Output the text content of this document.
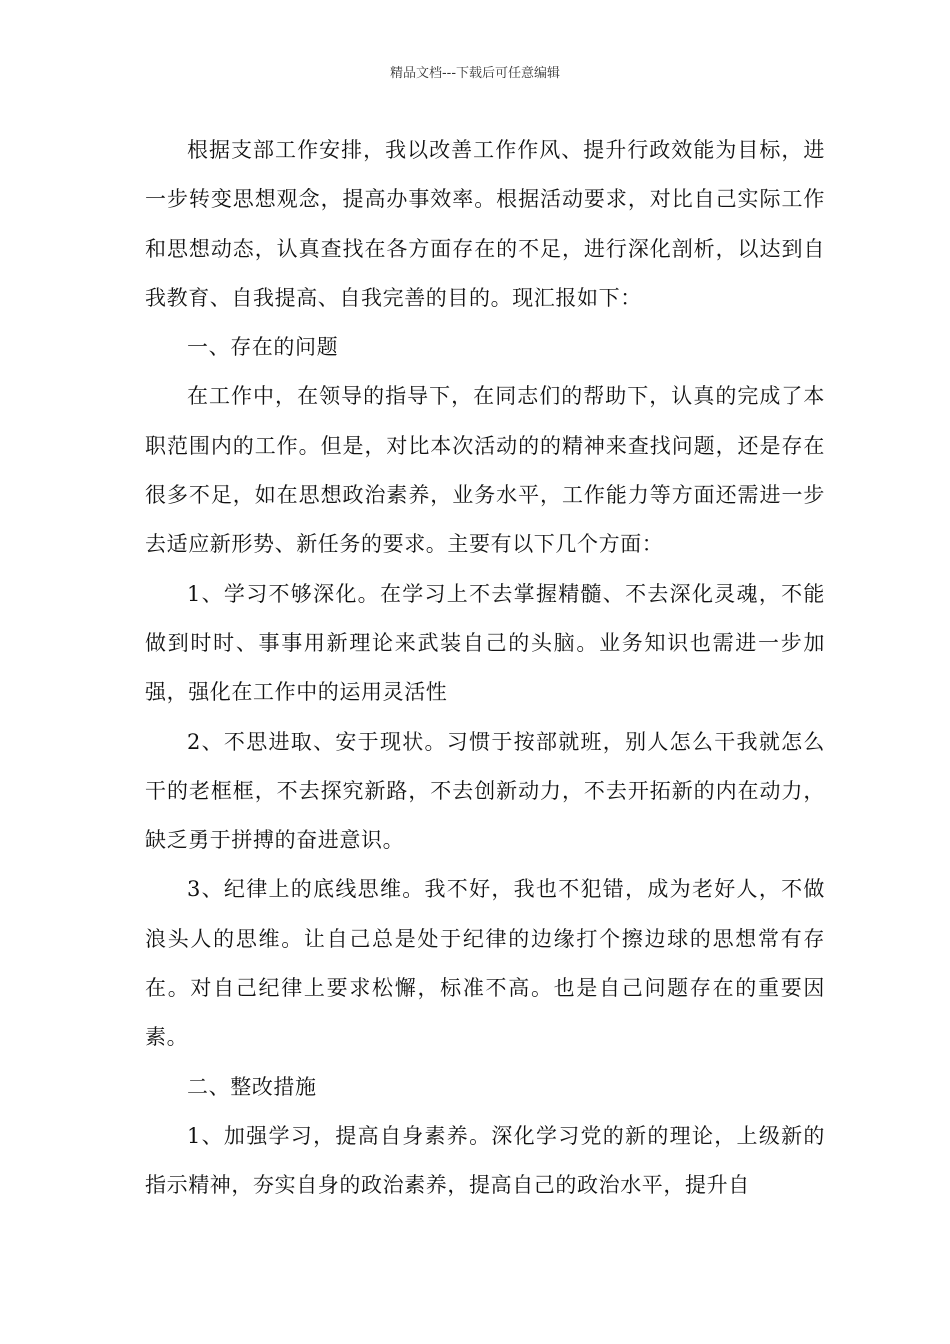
精品文档---下载后可任意编辑

根据支部工作安排，我以改善工作作风、提升行政效能为目标，进一步转变思想观念，提高办事效率。根据活动要求，对比自己实际工作和思想动态，认真查找在各方面存在的不足，进行深化剖析，以达到自我教育、自我提高、自我完善的目的。现汇报如下：

一、存在的问题

在工作中，在领导的指导下，在同志们的帮助下，认真的完成了本职范围内的工作。但是，对比本次活动的的精神来查找问题，还是存在很多不足，如在思想政治素养，业务水平，工作能力等方面还需进一步去适应新形势、新任务的要求。主要有以下几个方面：

1、学习不够深化。在学习上不去掌握精髓、不去深化灵魂，不能做到时时、事事用新理论来武装自己的头脑。业务知识也需进一步加强，强化在工作中的运用灵活性

2、不思进取、安于现状。习惯于按部就班，别人怎么干我就怎么干的老框框，不去探究新路，不去创新动力，不去开拓新的内在动力，缺乏勇于拼搏的奋进意识。

3、纪律上的底线思维。我不好，我也不犯错，成为老好人，不做浪头人的思维。让自己总是处于纪律的边缘打个擦边球的思想常有存在。对自己纪律上要求松懈，标准不高。也是自己问题存在的重要因素。

二、整改措施

1、加强学习，提高自身素养。深化学习党的新的理论，上级新的指示精神，夯实自身的政治素养，提高自己的政治水平，提升自
